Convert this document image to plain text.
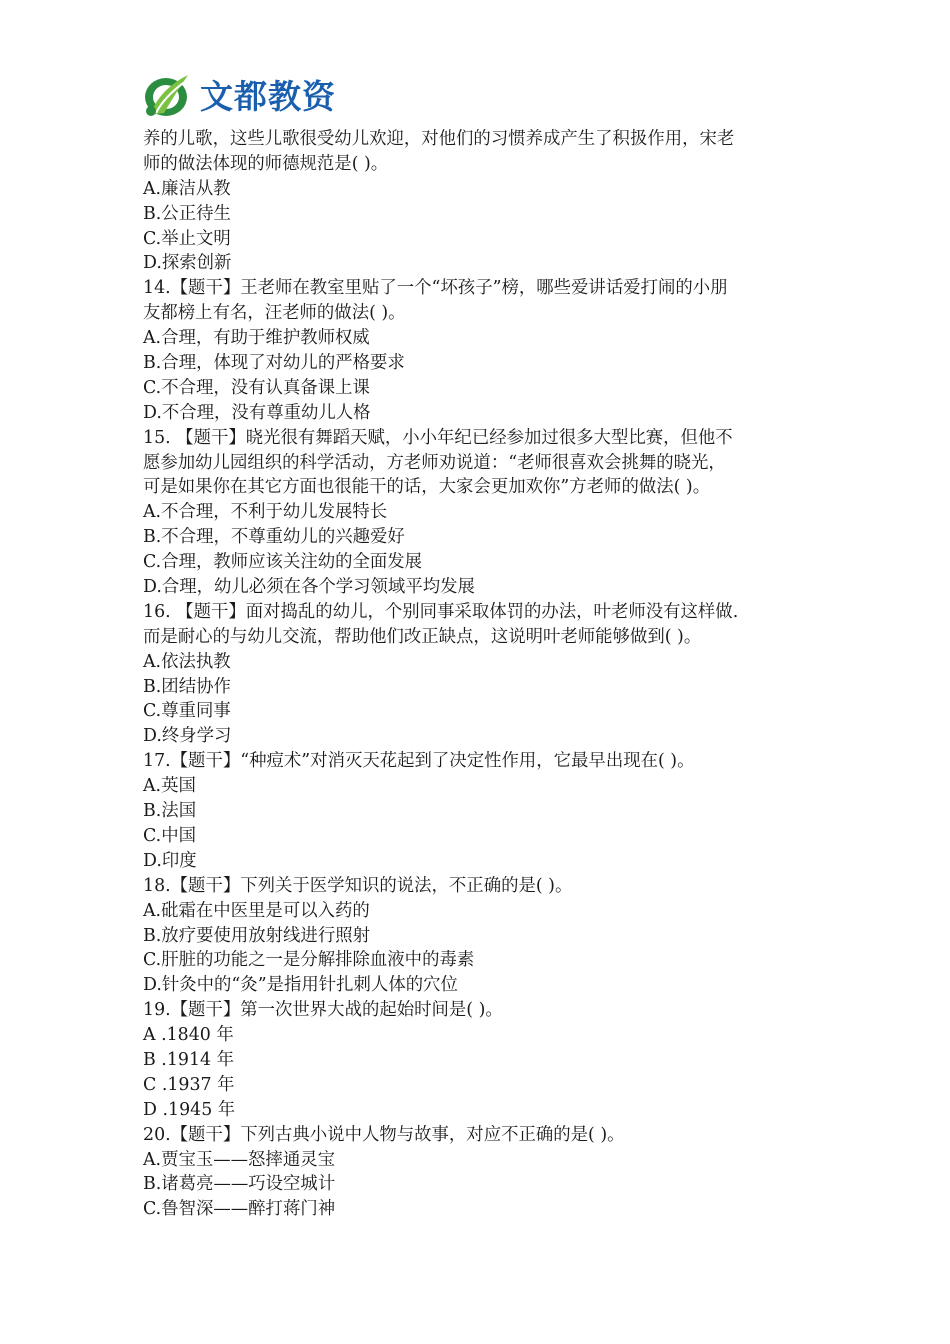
文都教资
养的儿歌，这些儿歌很受幼儿欢迎，对他们的习惯养成产生了积扱作用，宋老
师的做法体现的师德规范是( )。
A.廉洁从教
B.公正待生
C.举止文明
D.探索创新
14.【题干】王老师在教室里贴了一个“坏孩子”榜，哪些爱讲话爱打闹的小朋
友都榜上有名，汪老师的做法( )。
A.合理，有助于维护教师权威
B.合理，体现了对幼儿的严格要求
C.不合理，没有认真备课上课
D.不合理，没有尊重幼儿人格
15. 【题干】晓光很有舞蹈天赋，小小年纪已经参加过很多大型比赛，但他不
愿参加幼儿园组织的科学活动，方老师劝说道：“老师很喜欢会挑舞的晓光，
可是如果你在其它方面也很能干的话，大家会更加欢你”方老师的做法( )。
A.不合理，不利于幼儿发展特长
B.不合理，不尊重幼儿的兴趣爱好
C.合理，教师应该关注幼的全面发展
D.合理，幼儿必须在各个学习领域平均发展
16. 【题干】面对捣乱的幼儿，个别同事采取体罚的办法，叶老师没有这样做.
而是耐心的与幼儿交流，帮助他们改正缺点，这说明叶老师能够做到( )。
A.依法执教
B.团结协作
C.尊重同事
D.终身学习
17.【题干】“种痘术”对消灭天花起到了决定性作用，它最早出现在( )。
A.英国
B.法国
C.中国
D.印度
18.【题干】下列关于医学知识的说法，不正确的是( )。
A.砒霜在中医里是可以入药的
B.放疗要使用放射线进行照射
C.肝脏的功能之一是分解排除血液中的毒素
D.针灸中的“灸”是指用针扎刺人体的穴位
19.【题干】第一次世界大战的起始时间是( )。
A .1840 年
B .1914 年
C .1937 年
D .1945 年
20.【题干】下列古典小说中人物与故事，对应不正确的是( )。
A.贾宝玉——怒摔通灵宝
B.诸葛亮——巧设空城计
C.鲁智深——醉打蒋门神
